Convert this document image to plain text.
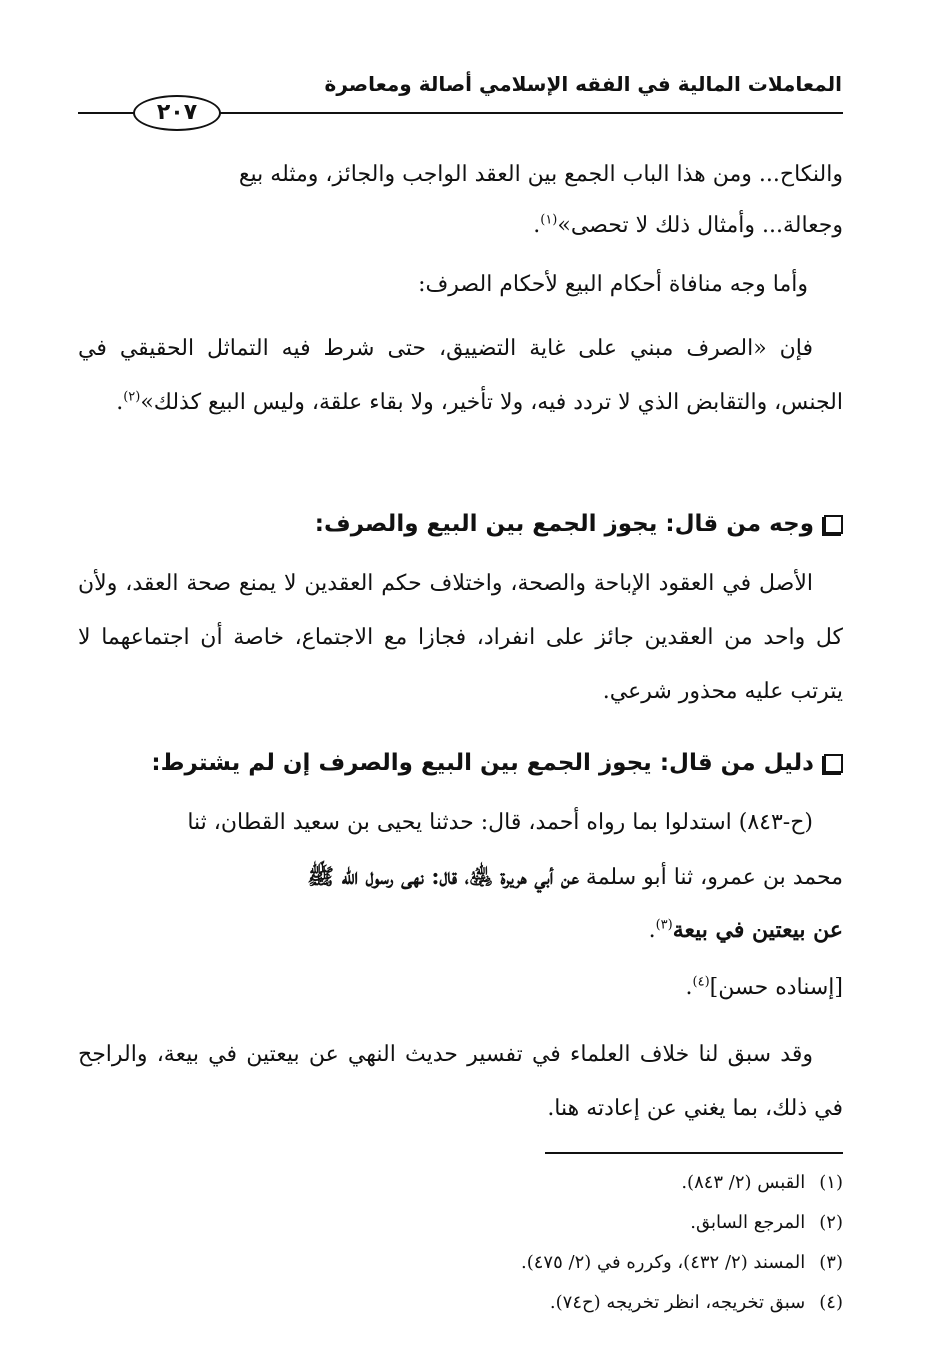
المعاملات المالية في الفقه الإسلامي أصالة ومعاصرة
٢٠٧
والنكاح... ومن هذا الباب الجمع بين العقد الواجب والجائز، ومثله بيع
وجعالة... وأمثال ذلك لا تحصى»$^{(١)}$.
وأما وجه منافاة أحكام البيع لأحكام الصرف:
فإن «الصرف مبني على غاية التضييق، حتى شرط فيه التماثل الحقيقي في الجنس، والتقابض الذي لا تردد فيه، ولا تأخير، ولا بقاء علقة، وليس البيع كذلك»$^{(٢)}$.
وجه من قال: يجوز الجمع بين البيع والصرف:
الأصل في العقود الإباحة والصحة، واختلاف حكم العقدين لا يمنع صحة العقد، ولأن كل واحد من العقدين جائز على انفراد، فجازا مع الاجتماع، خاصة أن اجتماعهما لا يترتب عليه محذور شرعي.
دليل من قال: يجوز الجمع بين البيع والصرف إن لم يشترط:
(ح-٨٤٣) استدلوا بما رواه أحمد، قال: حدثنا يحيى بن سعيد القطان، ثنا
محمد بن عمرو، ثنا أبو سلمة عن أبي هريرة ﵁، قال: نهى رسول الله ﷺ
عن بيعتين في بيعة$^{(٣)}$.
[إسناده حسن]$^{(٤)}$.
وقد سبق لنا خلاف العلماء في تفسير حديث النهي عن بيعتين في بيعة، والراجح في ذلك، بما يغني عن إعادته هنا.
(١)القبس (٢/ ٨٤٣).
(٢)المرجع السابق.
(٣)المسند (٢/ ٤٣٢)، وكرره في (٢/ ٤٧٥).
(٤)سبق تخريجه، انظر تخريجه (ح٧٤).
